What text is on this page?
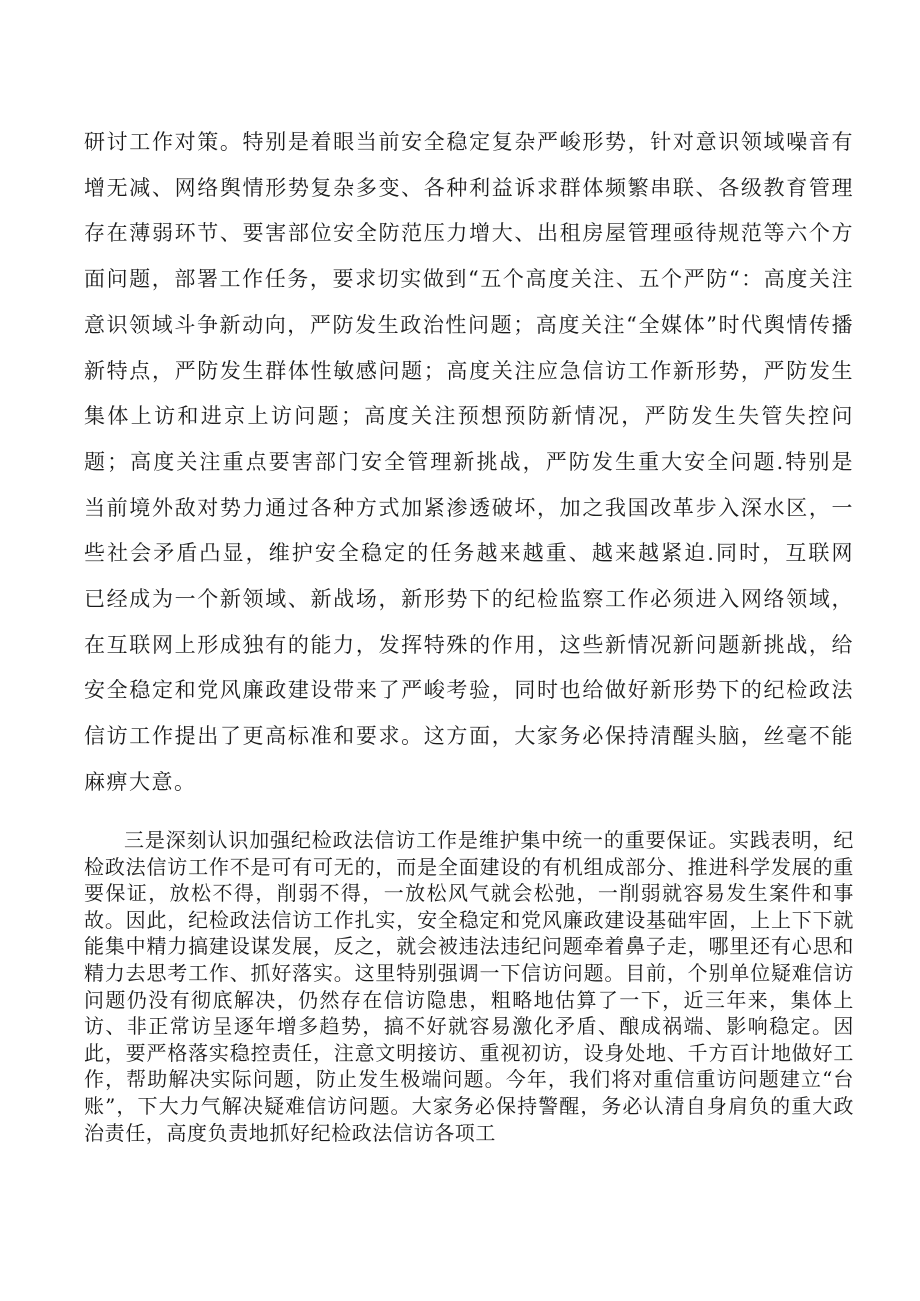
研讨工作对策。特别是着眼当前安全稳定复杂严峻形势，针对意识领域噪音有增无减、网络舆情形势复杂多变、各种利益诉求群体频繁串联、各级教育管理存在薄弱环节、要害部位安全防范压力增大、出租房屋管理亟待规范等六个方面问题，部署工作任务，要求切实做到“五个高度关注、五个严防“：高度关注意识领域斗争新动向，严防发生政治性问题；高度关注“全媒体”时代舆情传播新特点，严防发生群体性敏感问题；高度关注应急信访工作新形势，严防发生集体上访和进京上访问题；高度关注预想预防新情况，严防发生失管失控问题；高度关注重点要害部门安全管理新挑战，严防发生重大安全问题.特别是当前境外敌对势力通过各种方式加紧渗透破坏，加之我国改革步入深水区，一些社会矛盾凸显，维护安全稳定的任务越来越重、越来越紧迫.同时，互联网已经成为一个新领域、新战场，新形势下的纪检监察工作必须进入网络领域，在互联网上形成独有的能力，发挥特殊的作用，这些新情况新问题新挑战，给安全稳定和党风廉政建设带来了严峻考验，同时也给做好新形势下的纪检政法信访工作提出了更高标准和要求。这方面，大家务必保持清醒头脑，丝毫不能麻痹大意。

三是深刻认识加强纪检政法信访工作是维护集中统一的重要保证。实践表明，纪检政法信访工作不是可有可无的，而是全面建设的有机组成部分、推进科学发展的重要保证，放松不得，削弱不得，一放松风气就会松弛，一削弱就容易发生案件和事故。因此，纪检政法信访工作扎实，安全稳定和党风廉政建设基础牢固，上上下下就能集中精力搞建设谋发展，反之，就会被违法违纪问题牵着鼻子走，哪里还有心思和精力去思考工作、抓好落实。这里特别强调一下信访问题。目前，个别单位疑难信访问题仍没有彻底解决，仍然存在信访隐患，粗略地估算了一下，近三年来，集体上访、非正常访呈逐年增多趋势，搞不好就容易激化矛盾、酿成祸端、影响稳定。因此，要严格落实稳控责任，注意文明接访、重视初访，设身处地、千方百计地做好工作，帮助解决实际问题，防止发生极端问题。今年，我们将对重信重访问题建立“台账”，下大力气解决疑难信访问题。大家务必保持警醒，务必认清自身肩负的重大政治责任，高度负责地抓好纪检政法信访各项工
